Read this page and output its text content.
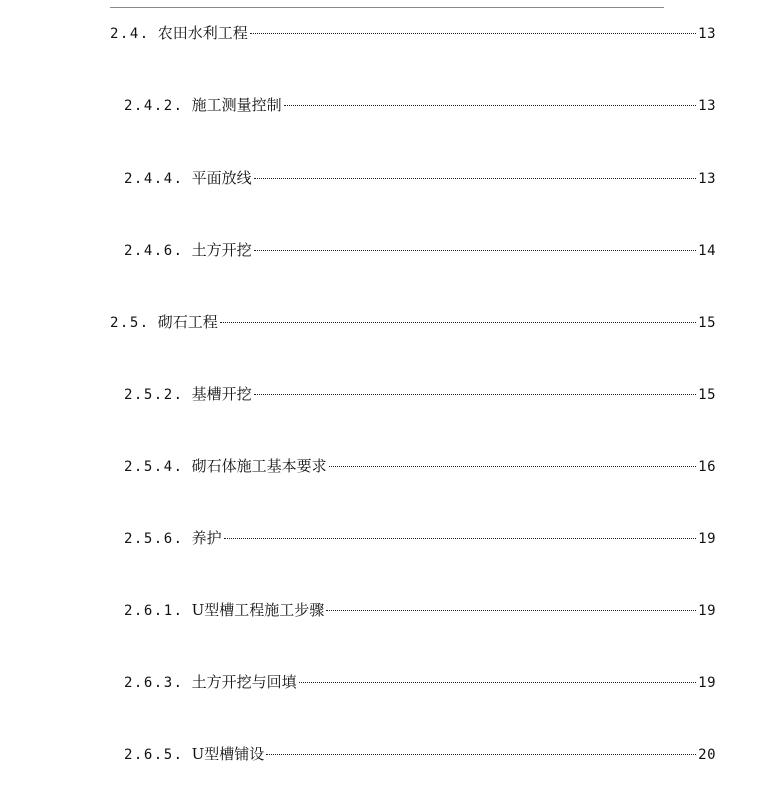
2.4. 农田水利工程	13
2.4.2. 施工测量控制	13
2.4.4. 平面放线	13
2.4.6. 土方开挖	14
2.5. 砌石工程	15
2.5.2. 基槽开挖	15
2.5.4. 砌石体施工基本要求	16
2.5.6. 养护	19
2.6.1. U型槽工程施工步骤	19
2.6.3. 土方开挖与回填	19
2.6.5. U型槽铺设	20
